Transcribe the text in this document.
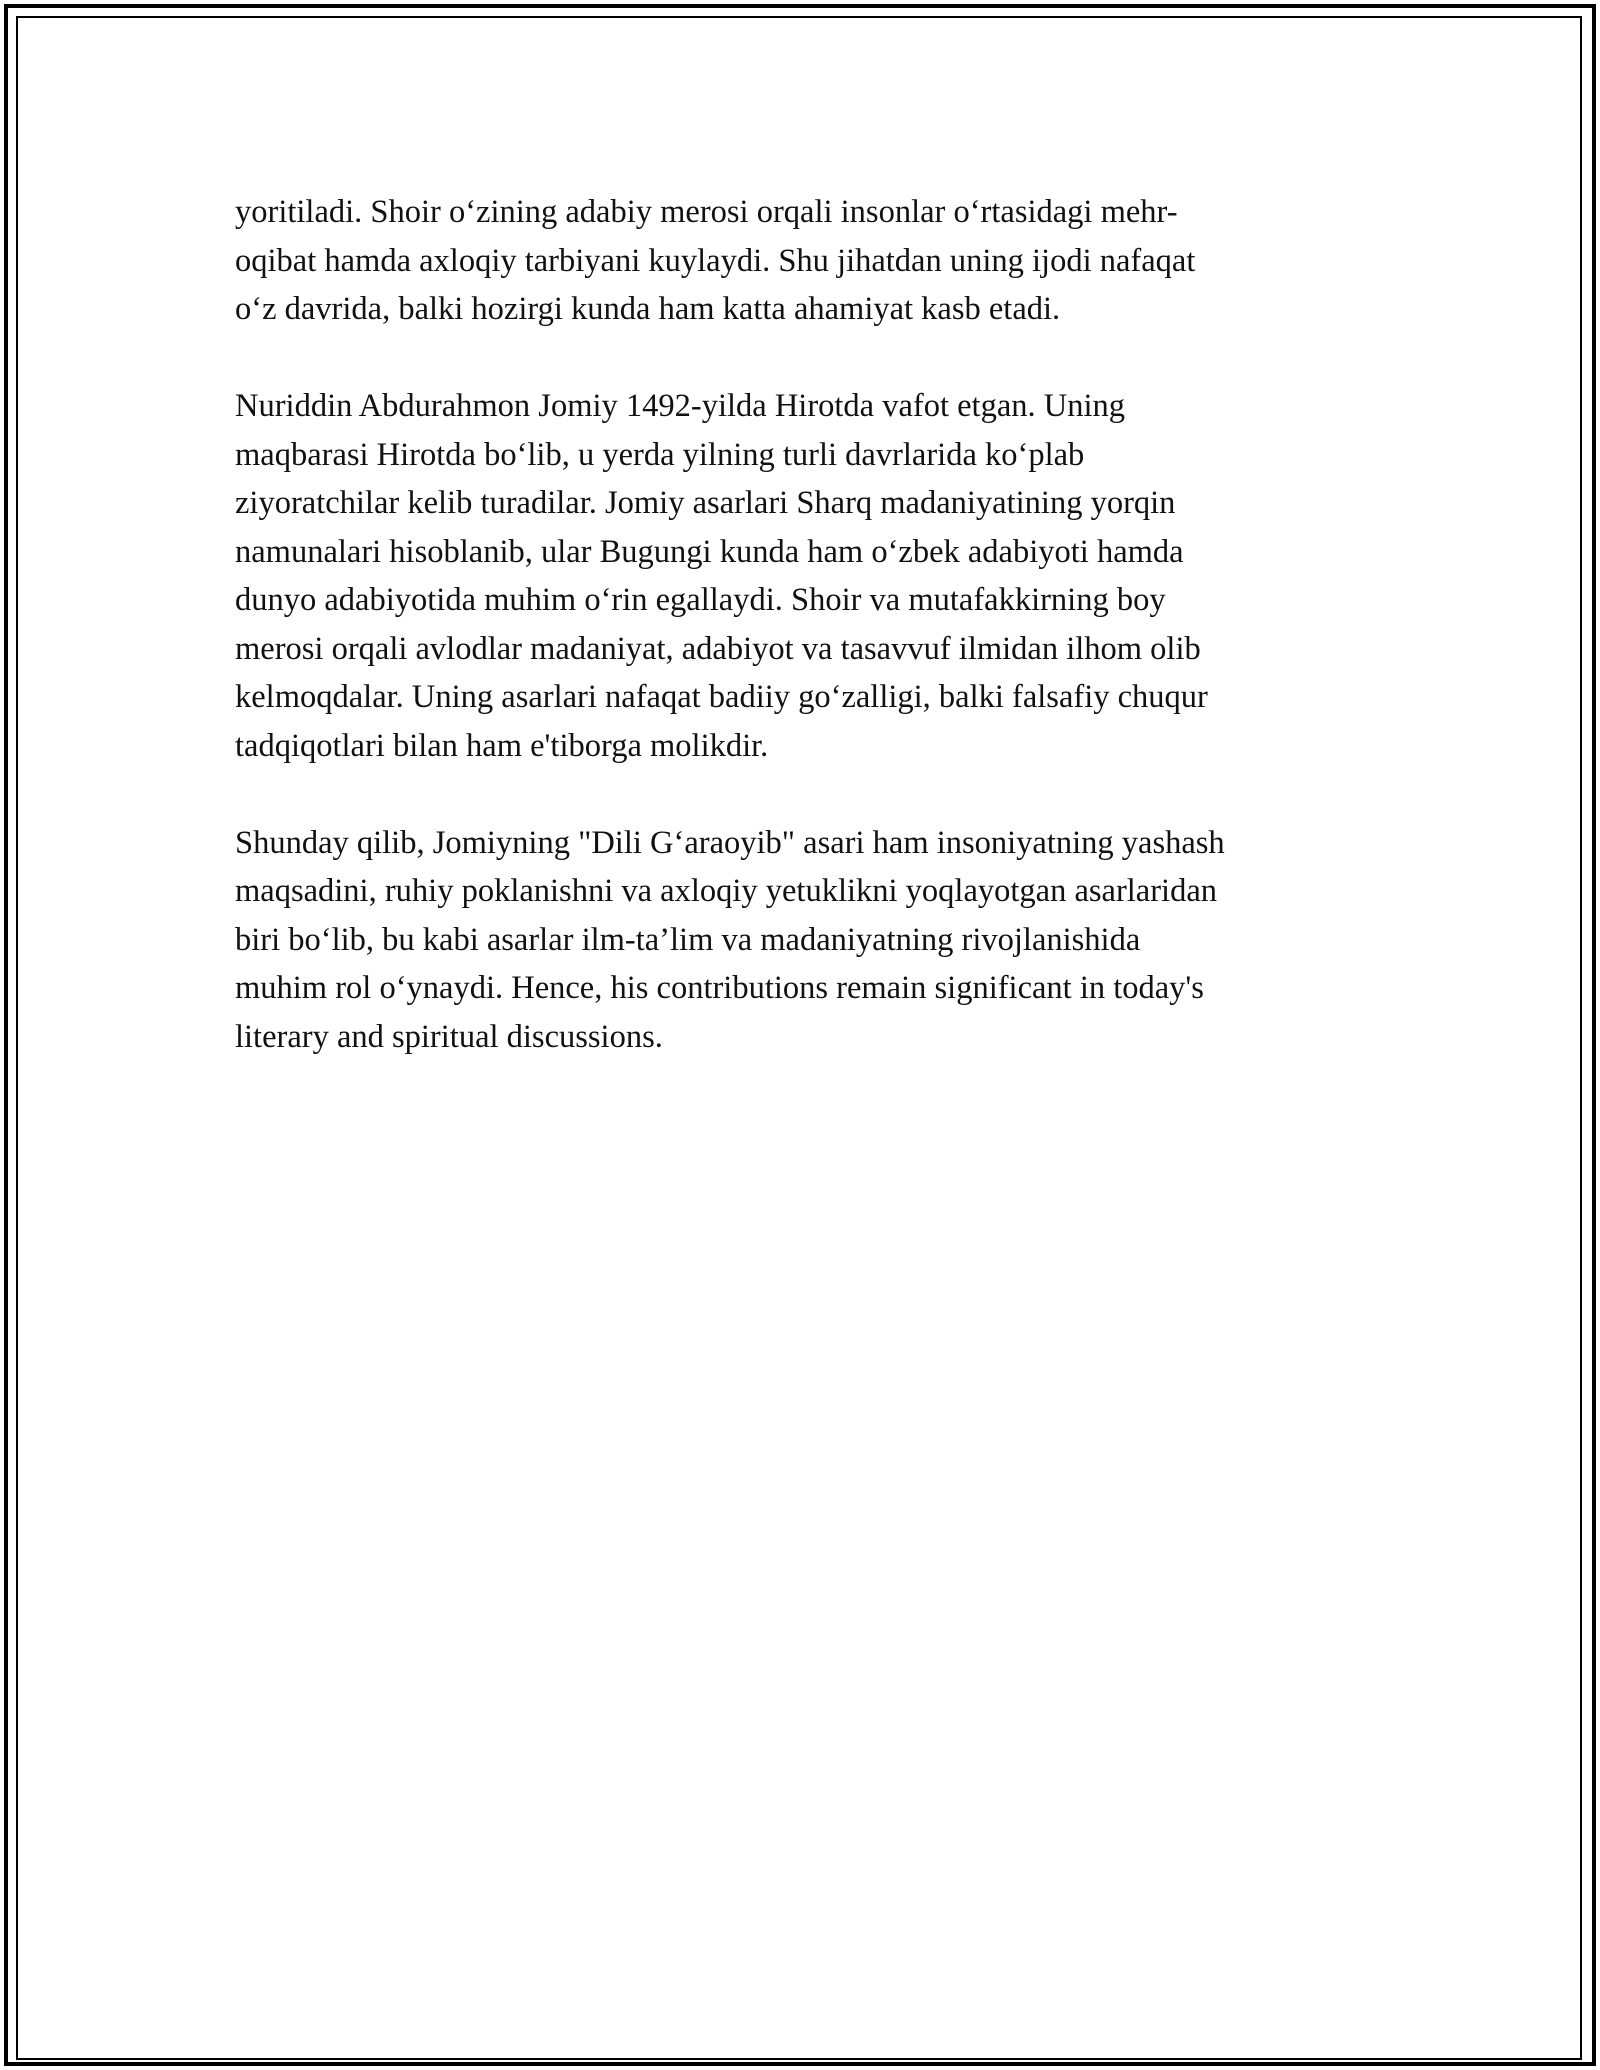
yoritiladi. Shoir o‘zining adabiy merosi orqali insonlar o‘rtasidagi mehr-
oqibat hamda axloqiy tarbiyani kuylaydi. Shu jihatdan uning ijodi nafaqat
o‘z davrida, balki hozirgi kunda ham katta ahamiyat kasb etadi.

Nuriddin Abdurahmon Jomiy 1492-yilda Hirotda vafot etgan. Uning
maqbarasi Hirotda bo‘lib, u yerda yilning turli davrlarida ko‘plab
ziyoratchilar kelib turadilar. Jomiy asarlari Sharq madaniyatining yorqin
namunalari hisoblanib, ular Bugungi kunda ham o‘zbek adabiyoti hamda
dunyo adabiyotida muhim o‘rin egallaydi. Shoir va mutafakkirning boy
merosi orqali avlodlar madaniyat, adabiyot va tasavvuf ilmidan ilhom olib
kelmoqdalar. Uning asarlari nafaqat badiiy go‘zalligi, balki falsafiy chuqur
tadqiqotlari bilan ham e'tiborga molikdir.

Shunday qilib, Jomiyning "Dili G‘araoyib" asari ham insoniyatning yashash
maqsadini, ruhiy poklanishni va axloqiy yetuklikni yoqlayotgan asarlaridan
biri bo‘lib, bu kabi asarlar ilm-ta’lim va madaniyatning rivojlanishida
muhim rol o‘ynaydi. Hence, his contributions remain significant in today's
literary and spiritual discussions.
